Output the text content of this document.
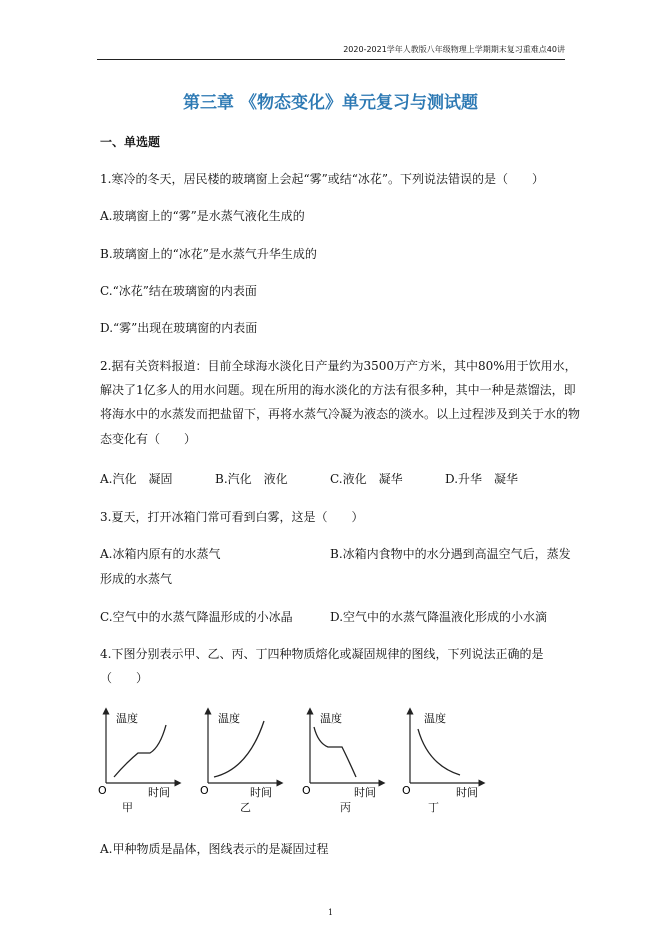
2020-2021学年人教版八年级物理上学期期末复习重难点40讲
第三章 《物态变化》单元复习与测试题
一、单选题
1.寒冷的冬天，居民楼的玻璃窗上会起“雾”或结“冰花”。下列说法错误的是（　　）
A.玻璃窗上的“雾”是水蒸气液化生成的
B.玻璃窗上的“冰花”是水蒸气升华生成的
C.“冰花”结在玻璃窗的内表面
D.“雾”出现在玻璃窗的内表面
2.据有关资料报道：目前全球海水淡化日产量约为3500万产方米，其中80%用于饮用水，
解决了1亿多人的用水问题。现在所用的海水淡化的方法有很多种，其中一种是蒸馏法，即
将海水中的水蒸发而把盐留下，再将水蒸气冷凝为液态的淡水。以上过程涉及到关于水的物
态变化有（　　）
A.汽化　凝固	B.汽化　液化	C.液化　凝华	D.升华　凝华
3.夏天，打开冰箱门常可看到白雾，这是（　　）
A.冰箱内原有的水蒸气	B.冰箱内食物中的水分遇到高温空气后，蒸发
形成的水蒸气
C.空气中的水蒸气降温形成的小冰晶	D.空气中的水蒸气降温液化形成的小水滴
4.下图分别表示甲、乙、丙、丁四种物质熔化或凝固规律的图线，下列说法正确的是
（　　）
温度
O	时间
甲
温度
O	时间
乙
温度
O	时间
丙
温度
O	时间
丁
A.甲种物质是晶体，图线表示的是凝固过程
1
